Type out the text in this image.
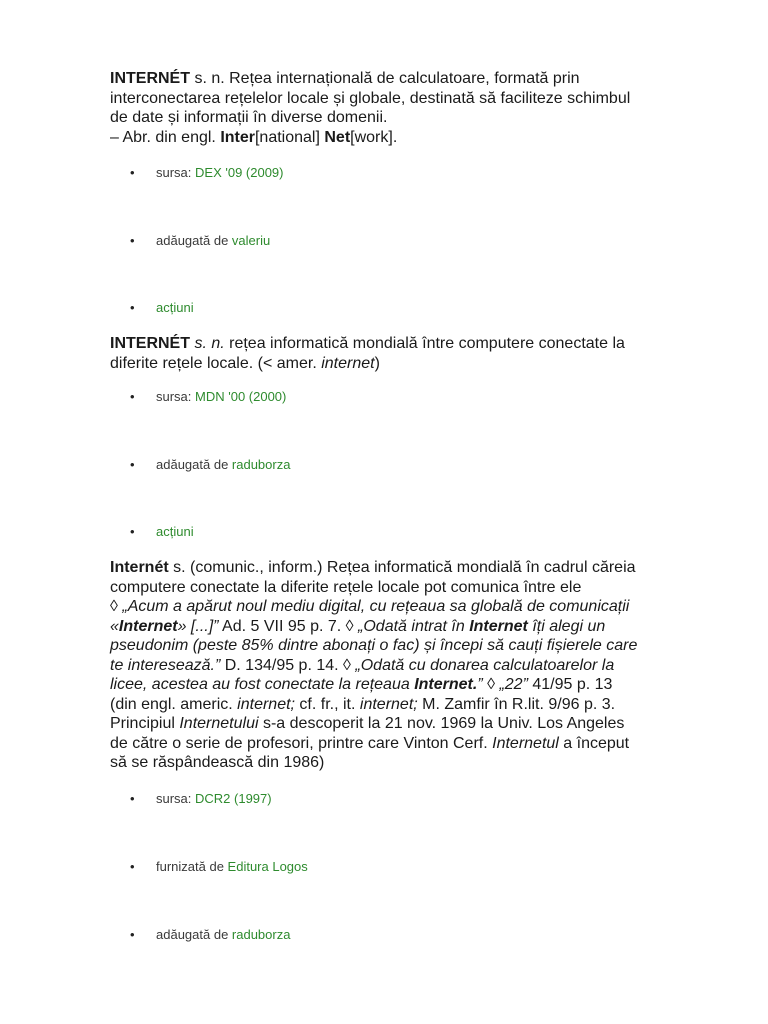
INTERNÉT s. n. Rețea internațională de calculatoare, formată prin
interconectarea rețelelor locale și globale, destinată să faciliteze schimbul
de date și informații în diverse domenii.
– Abr. din engl. Inter[national] Net[work].
• sursa: DEX '09 (2009)
• adăugată de valeriu
• acțiuni
INTERNÉT s. n. rețea informatică mondială între computere conectate la
diferite rețele locale. (< amer. internet)
• sursa: MDN '00 (2000)
• adăugată de raduborza
• acțiuni
Internét s. (comunic., inform.) Rețea informatică mondială în cadrul căreia
computere conectate la diferite rețele locale pot comunica între ele
◊ „Acum a apărut noul mediu digital, cu rețeaua sa globală de comunicații
«Internet» [...]” Ad. 5 VII 95 p. 7. ◊ „Odată intrat în Internet îți alegi un
pseudonim (peste 85% dintre abonați o fac) și începi să cauți fișierele care
te interesează.” D. 134/95 p. 14. ◊ „Odată cu donarea calculatoarelor la
licee, acestea au fost conectate la rețeaua Internet.” ◊ „22” 41/95 p. 13
(din engl. americ. internet; cf. fr., it. internet; M. Zamfir în R.lit. 9/96 p. 3.
Principiul Internetului s-a descoperit la 21 nov. 1969 la Univ. Los Angeles
de către o serie de profesori, printre care Vinton Cerf. Internetul a început
să se răspândească din 1986)
• sursa: DCR2 (1997)
• furnizată de Editura Logos
• adăugată de raduborza
